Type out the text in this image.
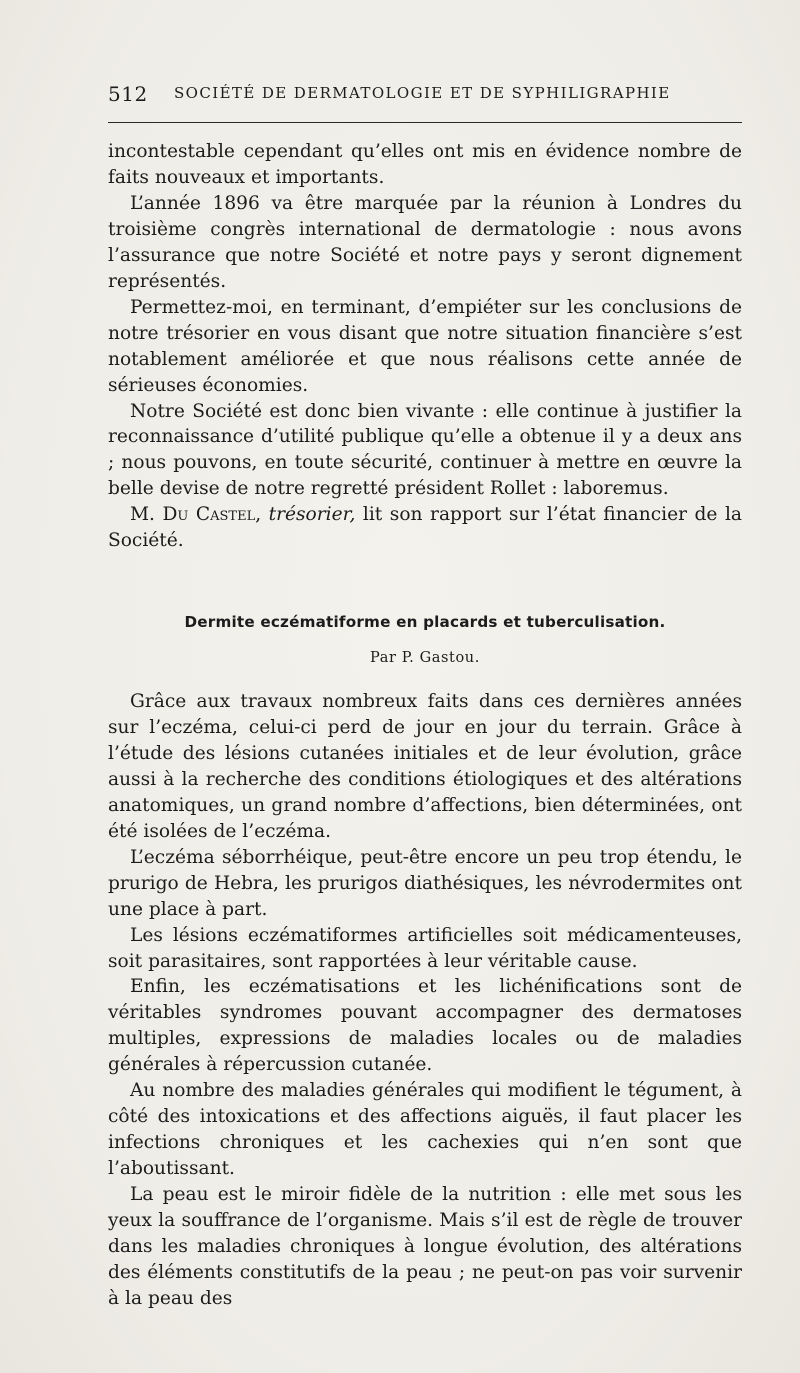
512 SOCIÉTÉ DE DERMATOLOGIE ET DE SYPHILIGRAPHIE

incontestable cependant qu’elles ont mis en évidence nombre de faits nouveaux et importants.

L’année 1896 va être marquée par la réunion à Londres du troisième congrès international de dermatologie : nous avons l’assurance que notre Société et notre pays y seront dignement représentés.

Permettez-moi, en terminant, d’empiéter sur les conclusions de notre trésorier en vous disant que notre situation financière s’est notablement améliorée et que nous réalisons cette année de sérieuses économies.

Notre Société est donc bien vivante : elle continue à justifier la reconnaissance d’utilité publique qu’elle a obtenue il y a deux ans ; nous pouvons, en toute sécurité, continuer à mettre en œuvre la belle devise de notre regretté président Rollet : laboremus.

M. Du Castel, trésorier, lit son rapport sur l’état financier de la Société.

Dermite eczématiforme en placards et tuberculisation.
Par P. Gastou.

Grâce aux travaux nombreux faits dans ces dernières années sur l’eczéma, celui-ci perd de jour en jour du terrain. Grâce à l’étude des lésions cutanées initiales et de leur évolution, grâce aussi à la recherche des conditions étiologiques et des altérations anatomiques, un grand nombre d’affections, bien déterminées, ont été isolées de l’eczéma.

L’eczéma séborrhéique, peut-être encore un peu trop étendu, le prurigo de Hebra, les prurigos diathésiques, les névrodermites ont une place à part.

Les lésions eczématiformes artificielles soit médicamenteuses, soit parasitaires, sont rapportées à leur véritable cause.

Enfin, les eczématisations et les lichénifications sont de véritables syndromes pouvant accompagner des dermatoses multiples, expressions de maladies locales ou de maladies générales à répercussion cutanée.

Au nombre des maladies générales qui modifient le tégument, à côté des intoxications et des affections aiguës, il faut placer les infections chroniques et les cachexies qui n’en sont que l’aboutissant.

La peau est le miroir fidèle de la nutrition : elle met sous les yeux la souffrance de l’organisme. Mais s’il est de règle de trouver dans les maladies chroniques à longue évolution, des altérations des éléments constitutifs de la peau ; ne peut-on pas voir survenir à la peau des
